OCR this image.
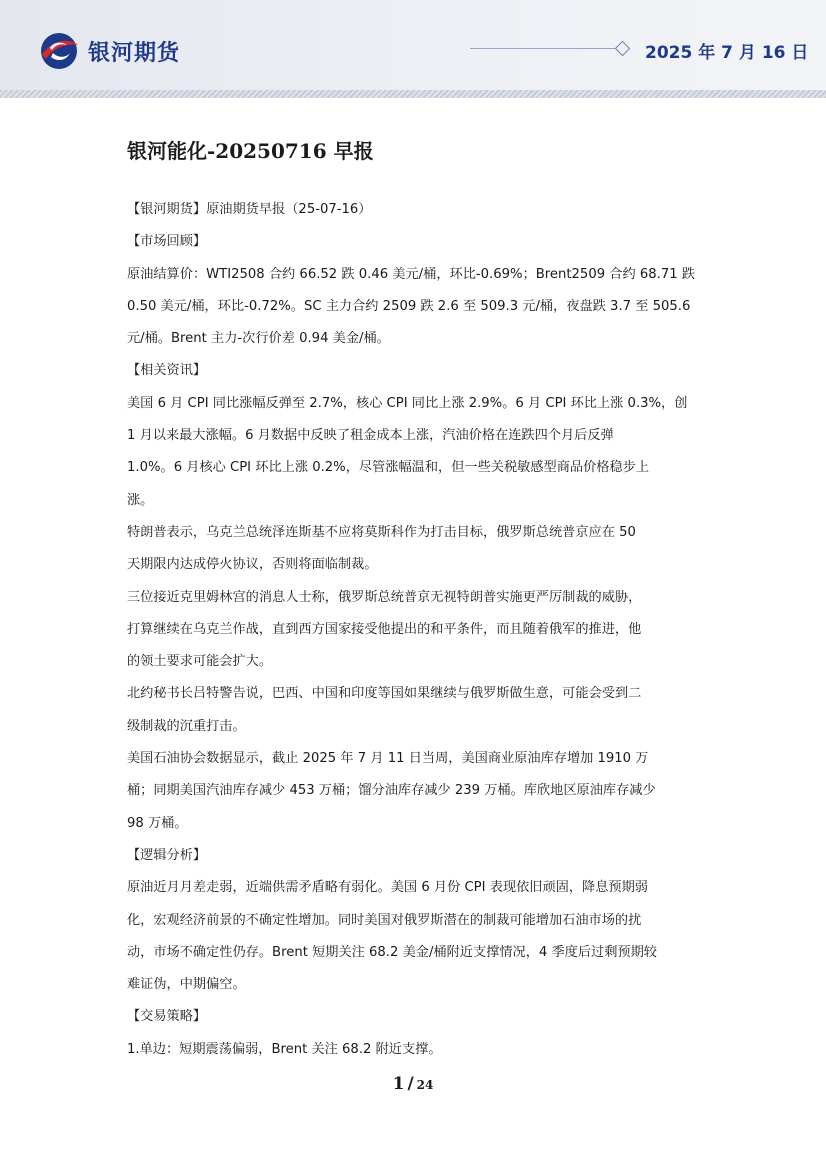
银河期货	2025 年 7 月 16 日
银河能化-20250716 早报
【银河期货】原油期货早报（25-07-16）
【市场回顾】
原油结算价：WTI2508 合约 66.52 跌 0.46 美元/桶，环比-0.69%；Brent2509 合约 68.71 跌
0.50 美元/桶，环比-0.72%。SC 主力合约 2509 跌 2.6 至 509.3 元/桶，夜盘跌 3.7 至 505.6
元/桶。Brent 主力-次行价差 0.94 美金/桶。
【相关资讯】
美国 6 月 CPI 同比涨幅反弹至 2.7%，核心 CPI 同比上涨 2.9%。6 月 CPI 环比上涨 0.3%，创
1 月以来最大涨幅。6 月数据中反映了租金成本上涨，汽油价格在连跌四个月后反弹
1.0%。6 月核心 CPI 环比上涨 0.2%，尽管涨幅温和，但一些关税敏感型商品价格稳步上
涨。
特朗普表示，乌克兰总统泽连斯基不应将莫斯科作为打击目标，俄罗斯总统普京应在 50
天期限内达成停火协议，否则将面临制裁。
三位接近克里姆林宫的消息人士称，俄罗斯总统普京无视特朗普实施更严厉制裁的威胁，
打算继续在乌克兰作战，直到西方国家接受他提出的和平条件，而且随着俄军的推进，他
的领土要求可能会扩大。
北约秘书长吕特警告说，巴西、中国和印度等国如果继续与俄罗斯做生意，可能会受到二
级制裁的沉重打击。
美国石油协会数据显示，截止 2025 年 7 月 11 日当周，美国商业原油库存增加 1910 万
桶；同期美国汽油库存减少 453 万桶；馏分油库存减少 239 万桶。库欣地区原油库存减少
98 万桶。
【逻辑分析】
原油近月月差走弱，近端供需矛盾略有弱化。美国 6 月份 CPI 表现依旧顽固，降息预期弱
化，宏观经济前景的不确定性增加。同时美国对俄罗斯潜在的制裁可能增加石油市场的扰
动，市场不确定性仍存。Brent 短期关注 68.2 美金/桶附近支撑情况，4 季度后过剩预期较
难证伪，中期偏空。
【交易策略】
1.单边：短期震荡偏弱，Brent 关注 68.2 附近支撑。
1 / 24
